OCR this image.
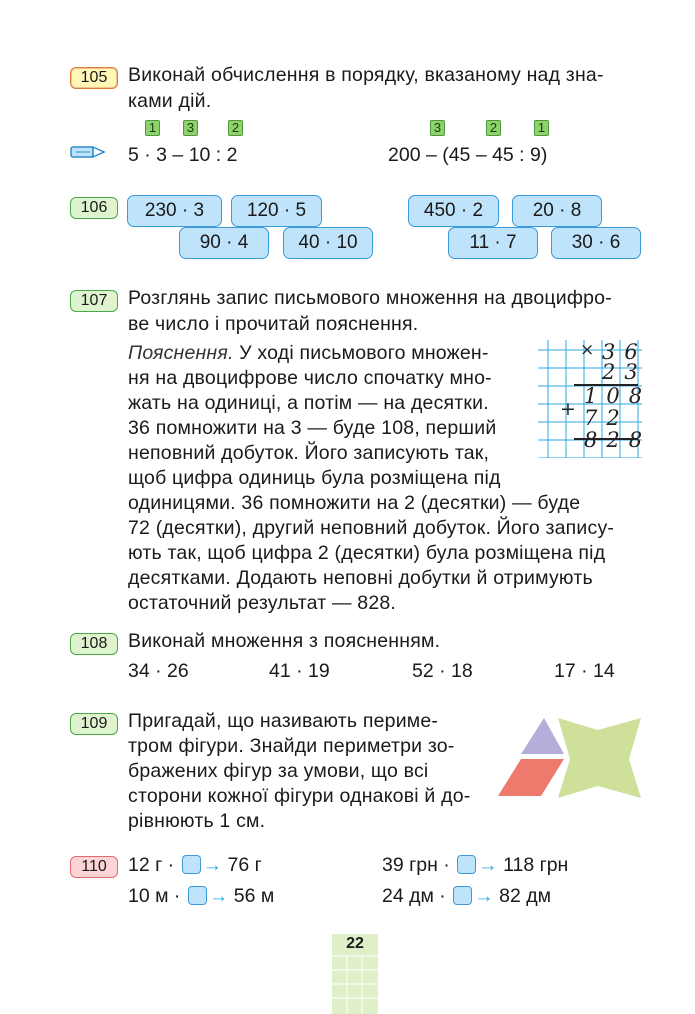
105	Виконай обчислення в порядку, вказаному над зна-
ками дій.
1 3	2
5 · 3 – 10 : 2
3	2	1
200 – (45 – 45 : 9)
106	230 · 3	120 · 5
90 · 4	40 · 10
450 · 2	20 · 8
11 · 7	30 · 6
107	Розглянь запис письмового множення на двоцифро-
ве число і прочитай пояснення.
Пояснення. У ході письмового множен-
ня на двоцифрове число спочатку мно-
жать на одиниці, а потім — на десятки.
36 помножити на 3 — буде 108, перший
неповний добуток. Його записують так,
щоб цифра одиниць була розміщена під
одиницями. 36 помножити на 2 (десятки) — буде
72 (десятки), другий неповний добуток. Його запису-
ють так, щоб цифра 2 (десятки) була розміщена під
десятками. Додають неповні добутки й отримують
остаточний результат — 828.
× 36
23
108
+ 72
828
108	Виконай множення з поясненням.
34 · 26	41 · 19	52 · 18	17 · 14
109	Пригадай, що називають периме-
тром фігури. Знайди периметри зо-
бражених фігур за умови, що всі
сторони кожної фігури однакові й до-
рівнюють 1 см.
110	12 г · → 76 г
10 м · → 56 м
39 грн · → 118 грн
24 дм · → 82 дм
22
